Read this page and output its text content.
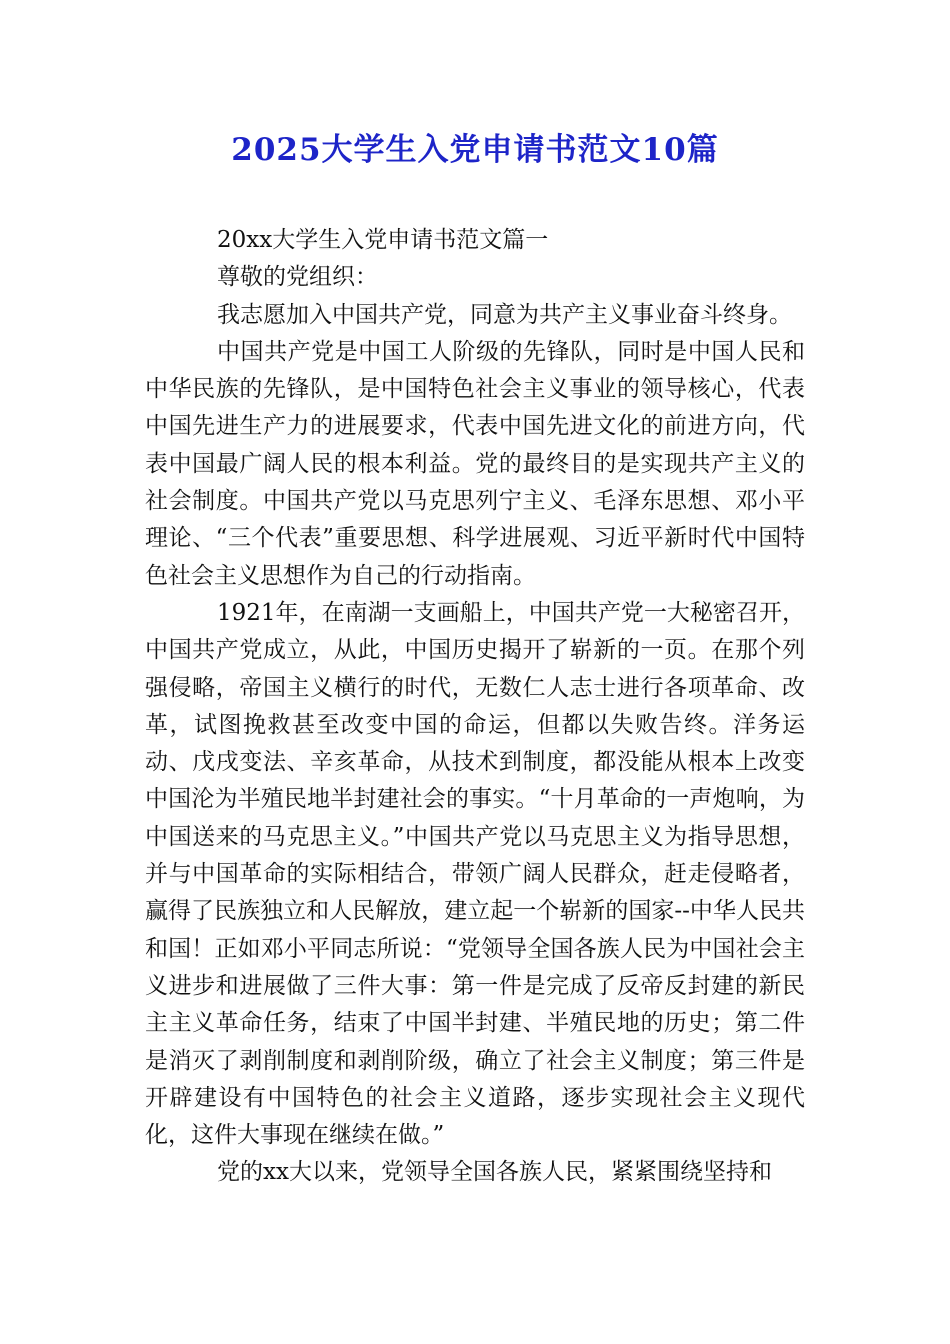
2025大学生入党申请书范文10篇

20xx大学生入党申请书范文篇一

尊敬的党组织：

我志愿加入中国共产党，同意为共产主义事业奋斗终身。

中国共产党是中国工人阶级的先锋队，同时是中国人民和中华民族的先锋队，是中国特色社会主义事业的领导核心，代表中国先进生产力的进展要求，代表中国先进文化的前进方向，代表中国最广阔人民的根本利益。党的最终目的是实现共产主义的社会制度。中国共产党以马克思列宁主义、毛泽东思想、邓小平理论、“三个代表”重要思想、科学进展观、习近平新时代中国特色社会主义思想作为自己的行动指南。

1921年，在南湖一支画船上，中国共产党一大秘密召开，中国共产党成立，从此，中国历史揭开了崭新的一页。在那个列强侵略，帝国主义横行的时代，无数仁人志士进行各项革命、改革，试图挽救甚至改变中国的命运，但都以失败告终。洋务运动、戊戌变法、辛亥革命，从技术到制度，都没能从根本上改变中国沦为半殖民地半封建社会的事实。“十月革命的一声炮响，为中国送来的马克思主义。”中国共产党以马克思主义为指导思想，并与中国革命的实际相结合，带领广阔人民群众，赶走侵略者，赢得了民族独立和人民解放，建立起一个崭新的国家--中华人民共和国！正如邓小平同志所说：“党领导全国各族人民为中国社会主义进步和进展做了三件大事：第一件是完成了反帝反封建的新民主主义革命任务，结束了中国半封建、半殖民地的历史；第二件是消灭了剥削制度和剥削阶级，确立了社会主义制度；第三件是开辟建设有中国特色的社会主义道路，逐步实现社会主义现代化，这件大事现在继续在做。”

党的xx大以来，党领导全国各族人民，紧紧围绕坚持和
